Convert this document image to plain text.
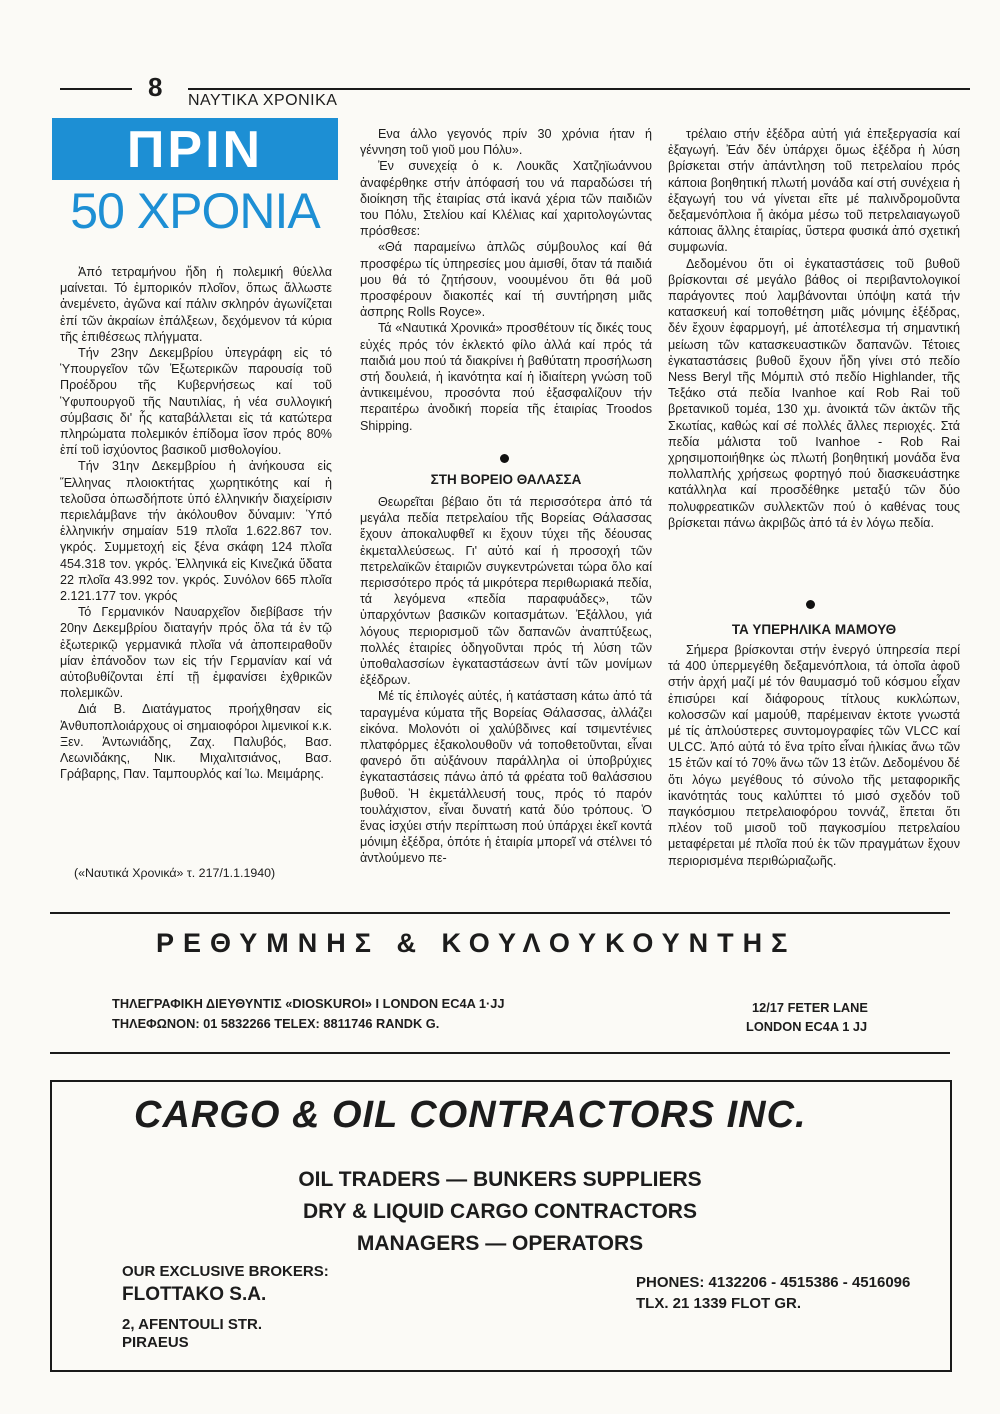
8 ΝΑΥΤΙΚΑ ΧΡΟΝΙΚΑ
ΠΡΙΝ
50 ΧΡΟΝΙΑ

Ἀπό τετραμήνου ἤδη ἡ πολεμική θύελλα μαίνεται. Τό ἐμπορικόν πλοῖον, ὅπως ἄλλωστε ἀνεμένετο, ἀγῶνα καί πάλιν σκληρόν ἀγωνίζεται ἐπί τῶν ἀκραίων ἐπάλξεων, δεχόμενον τά κύρια τῆς ἐπιθέσεως πλήγματα.

Τήν 23ην Δεκεμβρίου ὑπεγράφη εἰς τό Ὑπουργεῖον τῶν Ἐξωτερικῶν παρουσίᾳ τοῦ Προέδρου τῆς Κυβερνήσεως καί τοῦ Ὑφυπουργοῦ τῆς Ναυτιλίας, ἡ νέα συλλογική σύμβασις δι' ἧς καταβάλλεται εἰς τά κατώτερα πληρώματα πολεμικόν ἐπίδομα ἴσον πρός 80% ἐπί τοῦ ἰσχύοντος βασικοῦ μισθολογίου.

Τήν 31ην Δεκεμβρίου ἡ ἀνήκουσα εἰς Ἕλληνας πλοιοκτήτας χωρητικότης καί ἡ τελοῦσα ὁπωσδήποτε ὑπό ἑλληνικήν διαχείρισιν περιελάμβανε τήν ἀκόλουθον δύναμιν: Ὑπό ἑλληνικήν σημαίαν 519 πλοῖα 1.622.867 τον. γκρός. Συμμετοχή εἰς ξένα σκάφη 124 πλοῖα 454.318 τον. γκρός. Ἑλληνικά εἰς Κινεζικά ὕδατα 22 πλοῖα 43.992 τον. γκρός. Συνόλον 665 πλοῖα 2.121.177 τον. γκρός

Τό Γερμανικόν Ναυαρχεῖον διεβίβασε τήν 20ην Δεκεμβρίου διαταγήν πρός ὅλα τά ἐν τῷ ἐξωτερικῷ γερμανικά πλοῖα νά ἀποπειραθοῦν μίαν ἐπάνοδον των εἰς τήν Γερμανίαν καί νά αὐτοβυθίζονται ἐπί τῇ ἐμφανίσει ἐχθρικῶν πολεμικῶν.

Διά Β. Διατάγματος προήχθησαν εἰς Ἀνθυποπλοιάρχους οἱ σημαιοφόροι λιμενικοί κ.κ. Ξεν. Ἀντωνιάδης, Ζαχ. Παλυβός, Βασ. Λεωνιδάκης, Νικ. Μιχαλιτσιάνος, Βασ. Γράβαρης, Παν. Ταμπουρλός καί Ἰω. Μειμάρης.

(«Ναυτικά Χρονικά» τ. 217/1.1.1940)

Ενα άλλο γεγονός πρίν 30 χρόνια ήταν ή γέννηση τοῦ γιοῦ μου Πόλυ».

Ἐν συνεχείᾳ ὁ κ. Λουκᾶς Χατζηϊωάννου ἀναφέρθηκε στήν ἀπόφασή του νά παραδώσει τή διοίκηση τῆς ἑταιρίας στά ἱκανά χέρια τῶν παιδιῶν του Πόλυ, Στελίου καί Κλέλιας καί χαριτολογώντας πρόσθεσε:

«Θά παραμείνω ἁπλῶς σύμβουλος καί θά προσφέρω τίς ὑπηρεσίες μου ἀμισθί, ὅταν τά παιδιά μου θά τό ζητήσουν, νοουμένου ὅτι θά μοῦ προσφέρουν διακοπές καί τή συντήρηση μιᾶς ἀσπρης Rolls Royce».

Τά «Ναυτικά Χρονικά» προσθέτουν τίς δικές τους εὐχές πρός τόν ἐκλεκτό φίλο ἀλλά καί πρός τά παιδιά μου πού τά διακρίνει ἡ βαθύτατη προσήλωση στή δουλειά, ἡ ἱκανότητα καί ἡ ἰδιαίτερη γνώση τοῦ ἀντικειμένου, προσόντα πού ἐξασφαλίζουν τήν περαιτέρω ἀνοδική πορεία τῆς ἑταιρίας Troodos Shipping.

ΣΤΗ ΒΟΡΕΙΟ ΘΑΛΑΣΣΑ

Θεωρεῖται βέβαιο ὅτι τά περισσότερα ἀπό τά μεγάλα πεδία πετρελαίου τῆς Βορείας Θάλασσας ἔχουν ἀποκαλυφθεῖ κι ἔχουν τύχει τῆς δέουσας ἐκμεταλλεύσεως. Γι' αὐτό καί ἡ προσοχή τῶν πετρελαϊκῶν ἑταιριῶν συγκεντρώνεται τώρα ὅλο καί περισσότερο πρός τά μικρότερα περιθωριακά πεδία, τά λεγόμενα «πεδία παραφυάδες», τῶν ὑπαρχόντων βασικῶν κοιτασμάτων. Ἐξάλλου, γιά λόγους περιορισμοῦ τῶν δαπανῶν ἀναπτύξεως, πολλές ἑταιρίες ὁδηγοῦνται πρός τή λύση τῶν ὑποθαλασσίων ἐγκαταστάσεων ἀντί τῶν μονίμων ἐξέδρων.

Μέ τίς ἐπιλογές αὐτές, ἡ κατάσταση κάτω ἀπό τά ταραγμένα κύματα τῆς Βορείας Θάλασσας, ἀλλάζει εἰκόνα. Μολονότι οἱ χαλύβδινες καί τσιμεντένιες πλατφόρμες ἐξακολουθοῦν νά τοποθετοῦνται, εἶναι φανερό ὅτι αὐξάνουν παράλληλα οἱ ὑποβρύχιες ἐγκαταστάσεις πάνω ἀπό τά φρέατα τοῦ θαλάσσιου βυθοῦ. Ἡ ἐκμετάλλευσή τους, πρός τό παρόν τουλάχιστον, εἶναι δυνατή κατά δύο τρόπους. Ὁ ἕνας ἰσχύει στήν περίπτωση πού ὑπάρχει ἐκεῖ κοντά μόνιμη ἐξέδρα, ὁπότε ἡ ἑταιρία μπορεῖ νά στέλνει τό ἀντλούμενο πε-

τρέλαιο στήν ἐξέδρα αὐτή γιά ἐπεξεργασία καί ἐξαγωγή. Ἐάν δέν ὑπάρχει ὅμως ἐξέδρα ἡ λύση βρίσκεται στήν ἀπάντληση τοῦ πετρελαίου πρός κάποια βοηθητική πλωτή μονάδα καί στή συνέχεια ἡ ἐξαγωγή του νά γίνεται εἴτε μέ παλινδρομοῦντα δεξαμενόπλοια ἤ ἀκόμα μέσω τοῦ πετρελαιαγωγοῦ κάποιας ἄλλης ἑταιρίας, ὕστερα φυσικά ἀπό σχετική συμφωνία.

Δεδομένου ὅτι οἱ ἐγκαταστάσεις τοῦ βυθοῦ βρίσκονται σέ μεγάλο βάθος οἱ περιβαντολογικοί παράγοντες πού λαμβάνονται ὑπόψη κατά τήν κατασκευή καί τοποθέτηση μιᾶς μόνιμης ἐξέδρας, δέν ἔχουν ἐφαρμογή, μέ ἀποτέλεσμα τή σημαντική μείωση τῶν κατασκευαστικῶν δαπανῶν. Τέτοιες ἐγκαταστάσεις βυθοῦ ἔχουν ἤδη γίνει στό πεδίο Ness Beryl τῆς Μόμπιλ στό πεδίο Highlander, τῆς Τεξάκο στά πεδία Ivanhoe καί Rob Rai τοῦ βρετανικοῦ τομέα, 130 χμ. ἀνοικτά τῶν ἀκτῶν τῆς Σκωτίας, καθώς καί σέ πολλές ἄλλες περιοχές. Στά πεδία μάλιστα τοῦ Ivanhoe - Rob Rai χρησιμοποιήθηκε ὡς πλωτή βοηθητική μονάδα ἕνα πολλαπλής χρήσεως φορτηγό πού διασκευάστηκε κατάλληλα καί προσδέθηκε μεταξύ τῶν δύο πολυφρεατικῶν συλλεκτῶν πού ὁ καθένας τους βρίσκεται πάνω ἀκριβῶς ἀπό τά ἐν λόγω πεδία.

ΤΑ ΥΠΕΡΗΛΙΚΑ ΜΑΜΟΥΘ

Σήμερα βρίσκονται στήν ἐνεργό ὑπηρεσία περί τά 400 ὑπερμεγέθη δεξαμενόπλοια, τά ὁποῖα ἀφοῦ στήν ἀρχή μαζί μέ τόν θαυμασμό τοῦ κόσμου εἶχαν ἐπισύρει καί διάφορους τίτλους κυκλώπων, κολοσσῶν καί μαμούθ, παρέμειναν ἐκτοτε γνωστά μέ τίς ἁπλούστερες συντομογραφίες τῶν VLCC καί ULCC. Ἀπό αὐτά τό ἕνα τρίτο εἶναι ἡλικίας ἄνω τῶν 15 ἐτῶν καί τό 70% ἄνω τῶν 13 ἐτῶν. Δεδομένου δέ ὅτι λόγω μεγέθους τό σύνολο τῆς μεταφορικῆς ἱκανότητάς τους καλύπτει τό μισό σχεδόν τοῦ παγκόσμιου πετρελαιοφόρου τοννάζ, ἕπεται ὅτι πλέον τοῦ μισοῦ τοῦ παγκοσμίου πετρελαίου μεταφέρεται μέ πλοῖα πού ἐκ τῶν πραγμάτων ἔχουν περιορισμένα περιθώριαζωῆς.

ΡΕΘΥΜΝΗΣ & ΚΟΥΛΟΥΚΟΥΝΤΗΣ
ΤΗΛΕΓΡΑΦΙΚΗ ΔΙΕΥΘΥΝΤΙΣ «DIOSKUROI» I LONDON EC4A 1·JJ
ΤΗΛΕΦΩΝΟΝ: 01 5832266 TELEX: 8811746 RANDK G.
12/17 FETER LANE
LONDON EC4A 1 JJ
CARGO & OIL CONTRACTORS INC.
OIL TRADERS — BUNKERS SUPPLIERS
DRY & LIQUID CARGO CONTRACTORS
MANAGERS — OPERATORS
OUR EXCLUSIVE BROKERS:
FLOTTAKO S.A.
2, AFENTOULI STR.
PIRAEUS
PHONES: 4132206 - 4515386 - 4516096
TLX. 21 1339 FLOT GR.
